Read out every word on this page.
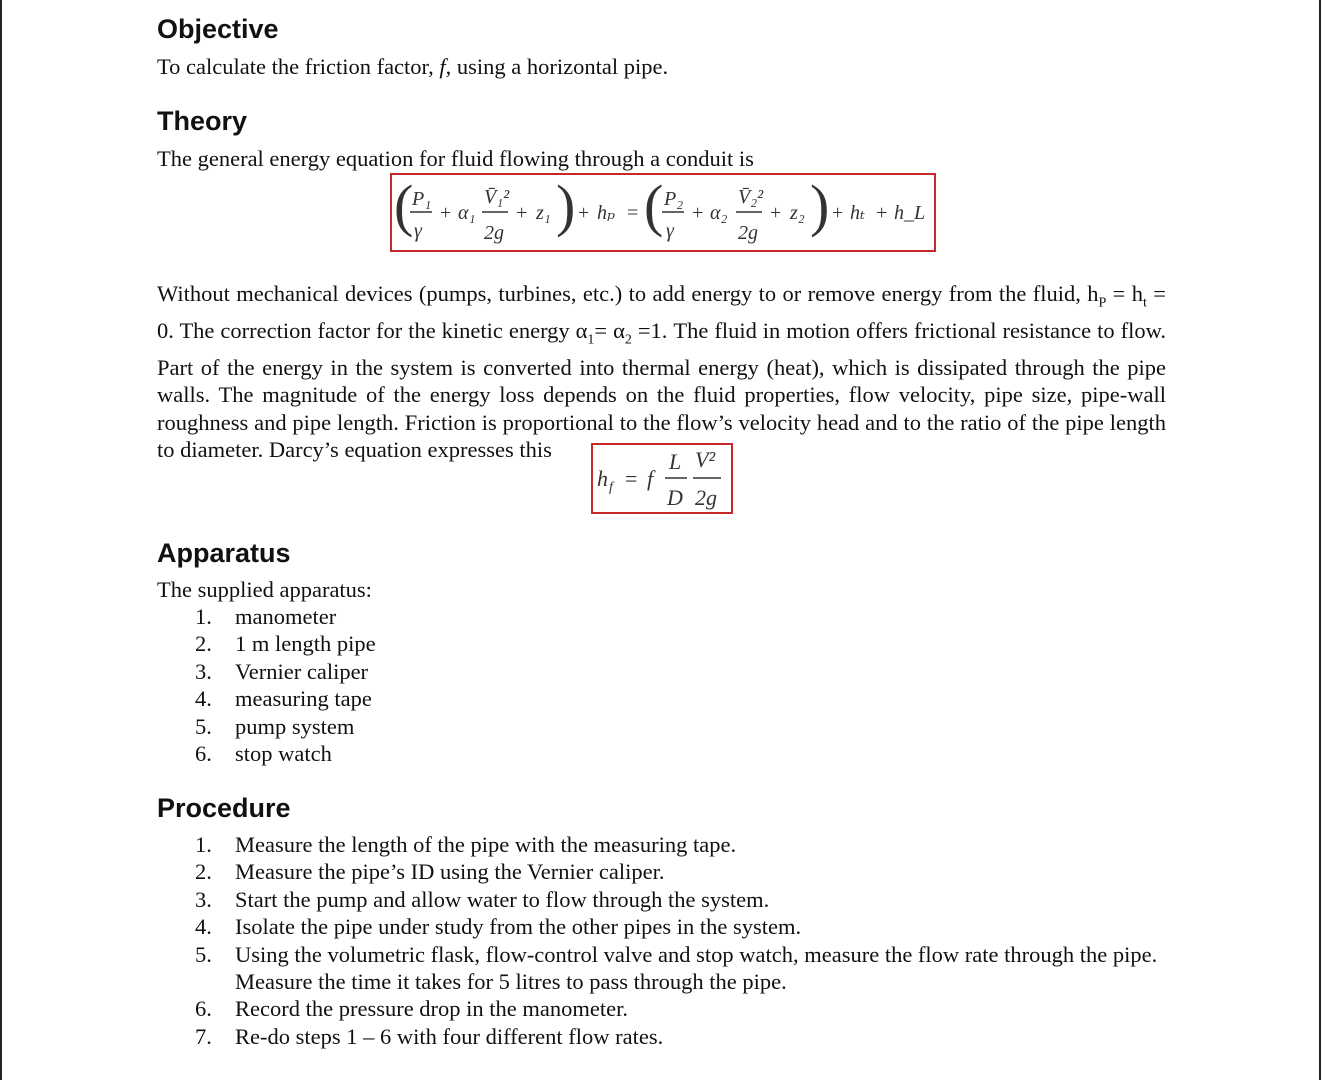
Objective

To calculate the friction factor, f, using a horizontal pipe.

Theory

The general energy equation for fluid flowing through a conduit is

(
P₁
γ
+ α₁
V̄₁²
2g
+ z₁ ) + hₚ = ( P₂
γ
+ α₂
V̄₂²
2g
+ z₂ ) + hₜ + h_L

Without mechanical devices (pumps, turbines, etc.) to add energy to or remove energy from the fluid, $h_P = h_t = 0$. The correction factor for the kinetic energy $\alpha_1= \alpha_2 =1$. The fluid in motion offers frictional resistance to flow. Part of the energy in the system is converted into thermal energy (heat), which is dissipated through the pipe walls. The magnitude of the energy loss depends on the fluid properties, flow velocity, pipe size, pipe-wall roughness and pipe length. Friction is proportional to the flow’s velocity head and to the ratio of the pipe length to diameter. Darcy’s equation expresses this

h f = f
L
D
V²
2g
Apparatus

The supplied apparatus:

1. manometer
2. 1 m length pipe
3. Vernier caliper
4. measuring tape
5. pump system
6. stop watch
Procedure
1. Measure the length of the pipe with the measuring tape.
2. Measure the pipe’s ID using the Vernier caliper.
3. Start the pump and allow water to flow through the system.
4. Isolate the pipe under study from the other pipes in the system.
5. Using the volumetric flask, flow-control valve and stop watch, measure the flow rate through the pipe. Measure the time it takes for 5 litres to pass through the pipe.
6. Record the pressure drop in the manometer.
7. Re-do steps 1 – 6 with four different flow rates.
